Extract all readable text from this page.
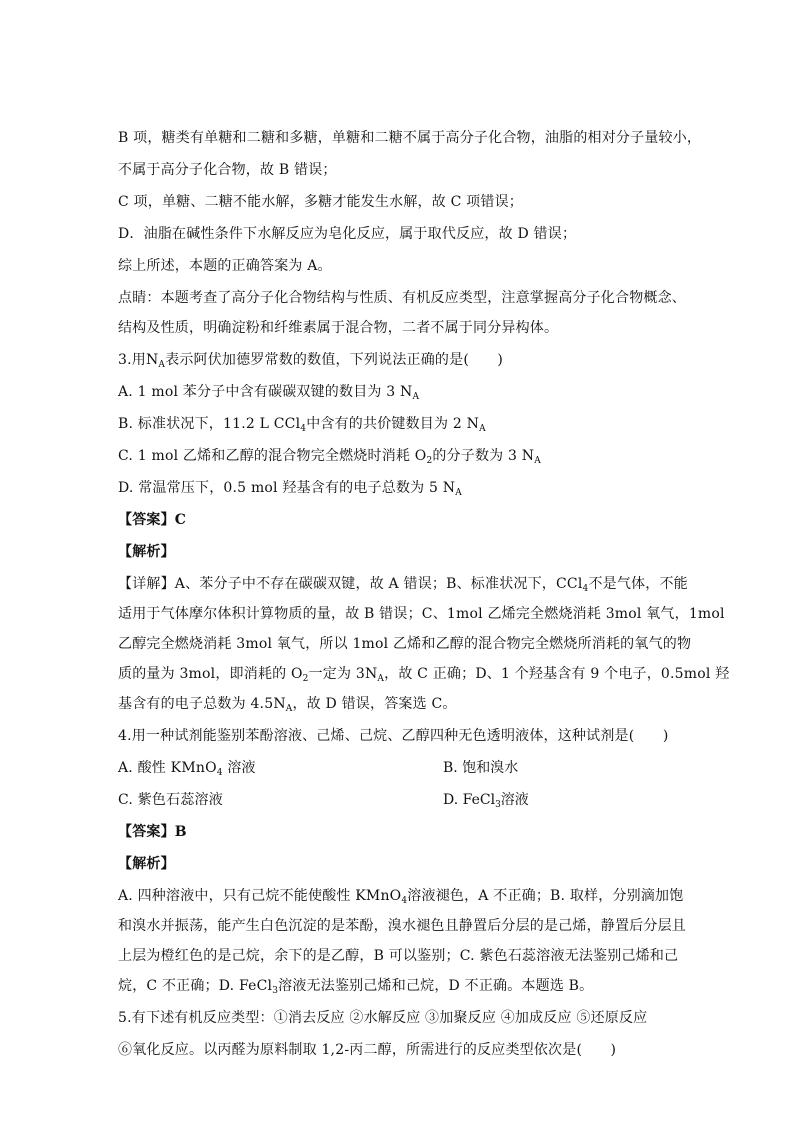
B 项，糖类有单糖和二糖和多糖，单糖和二糖不属于高分子化合物，油脂的相对分子量较小，
不属于高分子化合物，故 B 错误；
C 项，单糖、二糖不能水解，多糖才能发生水解，故 C 项错误；
D．油脂在碱性条件下水解反应为皂化反应，属于取代反应，故 D 错误；
综上所述，本题的正确答案为 A。
点睛：本题考查了高分子化合物结构与性质、有机反应类型，注意掌握高分子化合物概念、
结构及性质，明确淀粉和纤维素属于混合物，二者不属于同分异构体。
3.用$N_A$表示阿伏加德罗常数的数值，下列说法正确的是(　　)
A. 1 mol 苯分子中含有碳碳双键的数目为 3 $N_A$
B. 标准状况下，11.2 L CCl$_4$中含有的共价键数目为 2 $N_A$
C. 1 mol 乙烯和乙醇的混合物完全燃烧时消耗 $O_2$的分子数为 3 $N_A$
D. 常温常压下，0.5 mol 羟基含有的电子总数为 5 $N_A$
【答案】C
【解析】
【详解】A、苯分子中不存在碳碳双键，故 A 错误；B、标准状况下，CCl$_4$不是气体，不能
适用于气体摩尔体积计算物质的量，故 B 错误；C、1mol 乙烯完全燃烧消耗 3mol 氧气，1mol
乙醇完全燃烧消耗 3mol 氧气，所以 1mol 乙烯和乙醇的混合物完全燃烧所消耗的氧气的物
质的量为 3mol，即消耗的 $O_2$一定为 $3N_A$，故 C 正确；D、1 个羟基含有 9 个电子，0.5mol 羟
基含有的电子总数为 $4.5N_A$，故 D 错误，答案选 C。
4.用一种试剂能鉴别苯酚溶液、己烯、己烷、乙醇四种无色透明液体，这种试剂是(　　)
A. 酸性 KMnO$_4$ 溶液	B. 饱和溴水
C. 紫色石蕊溶液	D. FeCl$_3$溶液
【答案】B
【解析】
A. 四种溶液中，只有己烷不能使酸性 KMnO$_4$溶液褪色，A 不正确；B. 取样，分别滴加饱
和溴水并振荡，能产生白色沉淀的是苯酚，溴水褪色且静置后分层的是己烯，静置后分层且
上层为橙红色的是己烷，余下的是乙醇，B 可以鉴别；C. 紫色石蕊溶液无法鉴别己烯和己
烷，C 不正确；D. FeCl$_3$溶液无法鉴别己烯和己烷，D 不正确。本题选 B。
5.有下述有机反应类型：①消去反应 ②水解反应 ③加聚反应 ④加成反应 ⑤还原反应
⑥氧化反应。以丙醛为原料制取 1,2-丙二醇，所需进行的反应类型依次是(　　)
